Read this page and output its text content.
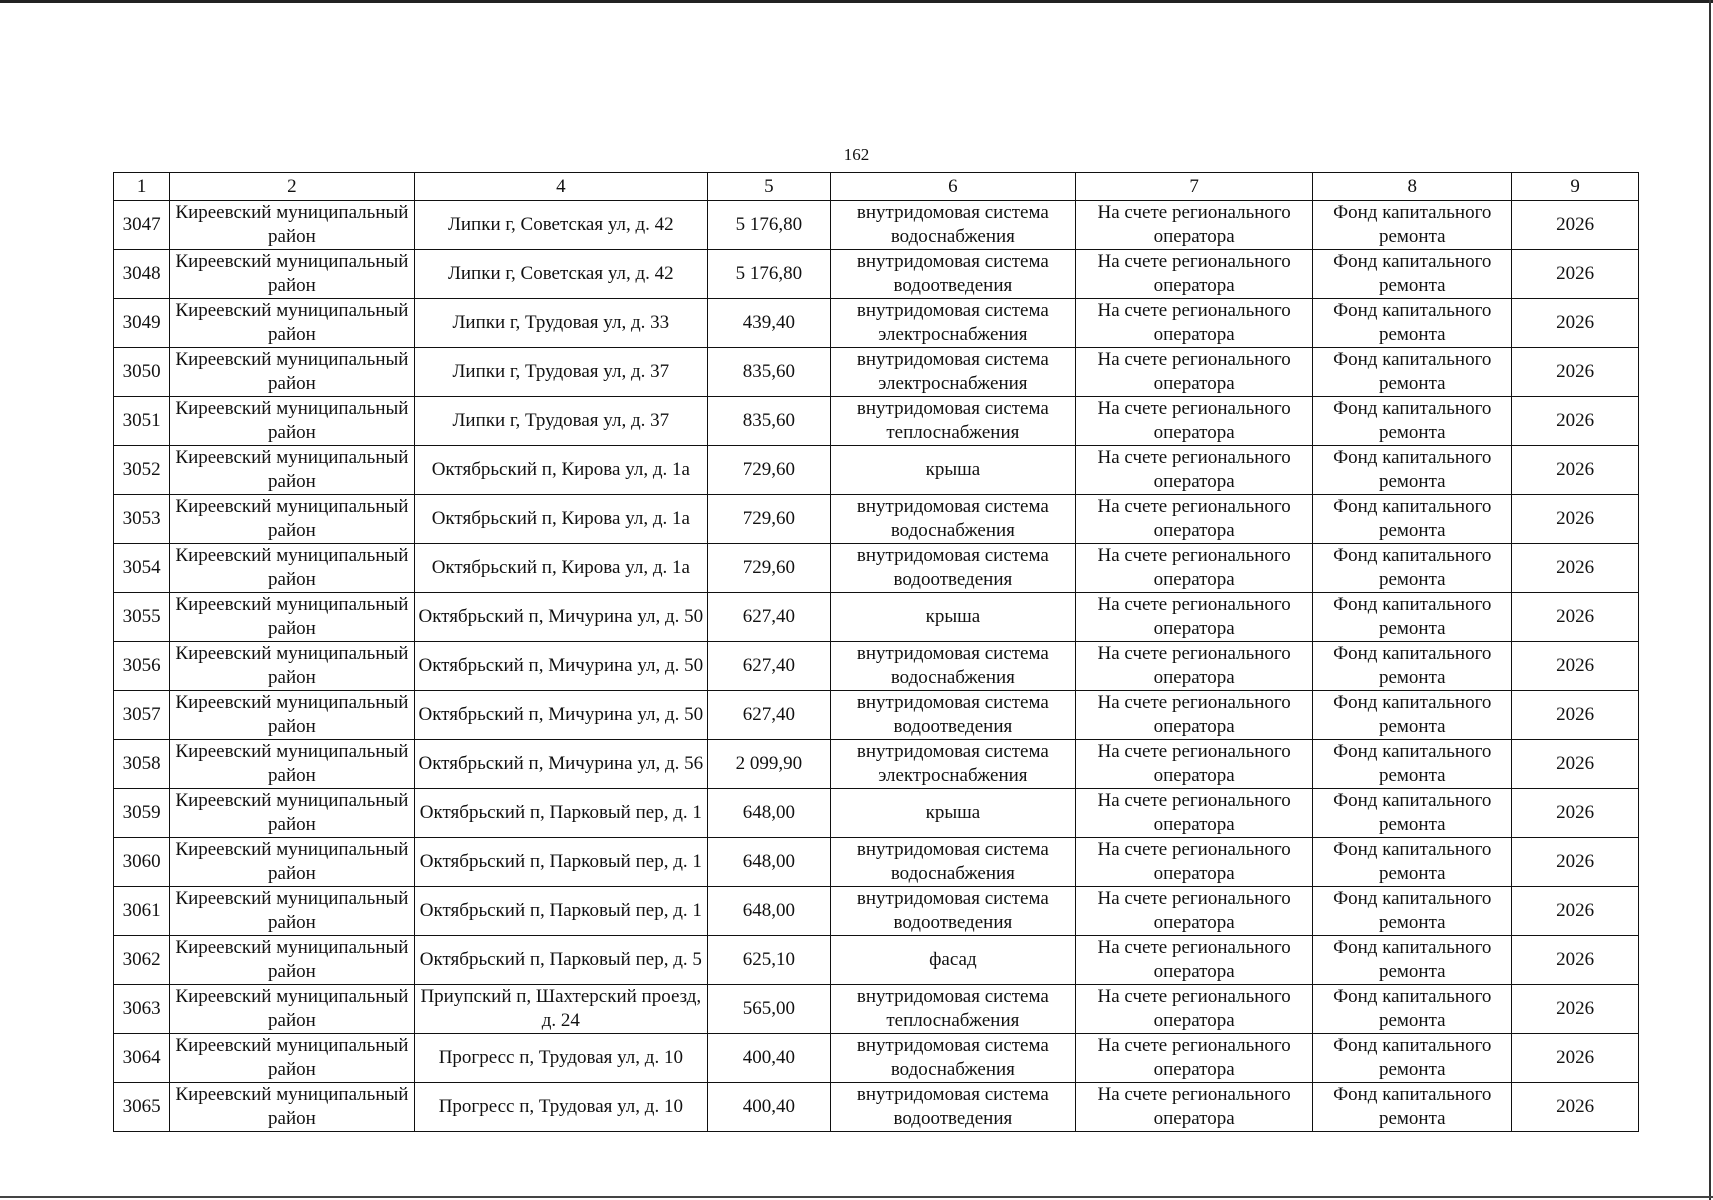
162
1	2	4	5	6	7	8	9
3047	Киреевский муниципальный район	Липки г, Советская ул, д. 42	5 176,80	внутридомовая система водоснабжения	На счете регионального оператора	Фонд капитального ремонта	2026
3048	Киреевский муниципальный район	Липки г, Советская ул, д. 42	5 176,80	внутридомовая система водоотведения	На счете регионального оператора	Фонд капитального ремонта	2026
3049	Киреевский муниципальный район	Липки г, Трудовая ул, д. 33	439,40	внутридомовая система электроснабжения	На счете регионального оператора	Фонд капитального ремонта	2026
3050	Киреевский муниципальный район	Липки г, Трудовая ул, д. 37	835,60	внутридомовая система электроснабжения	На счете регионального оператора	Фонд капитального ремонта	2026
3051	Киреевский муниципальный район	Липки г, Трудовая ул, д. 37	835,60	внутридомовая система теплоснабжения	На счете регионального оператора	Фонд капитального ремонта	2026
3052	Киреевский муниципальный район	Октябрьский п, Кирова ул, д. 1а	729,60	крыша	На счете регионального оператора	Фонд капитального ремонта	2026
3053	Киреевский муниципальный район	Октябрьский п, Кирова ул, д. 1а	729,60	внутридомовая система водоснабжения	На счете регионального оператора	Фонд капитального ремонта	2026
3054	Киреевский муниципальный район	Октябрьский п, Кирова ул, д. 1а	729,60	внутридомовая система водоотведения	На счете регионального оператора	Фонд капитального ремонта	2026
3055	Киреевский муниципальный район	Октябрьский п, Мичурина ул, д. 50	627,40	крыша	На счете регионального оператора	Фонд капитального ремонта	2026
3056	Киреевский муниципальный район	Октябрьский п, Мичурина ул, д. 50	627,40	внутридомовая система водоснабжения	На счете регионального оператора	Фонд капитального ремонта	2026
3057	Киреевский муниципальный район	Октябрьский п, Мичурина ул, д. 50	627,40	внутридомовая система водоотведения	На счете регионального оператора	Фонд капитального ремонта	2026
3058	Киреевский муниципальный район	Октябрьский п, Мичурина ул, д. 56	2 099,90	внутридомовая система электроснабжения	На счете регионального оператора	Фонд капитального ремонта	2026
3059	Киреевский муниципальный район	Октябрьский п, Парковый пер, д. 1	648,00	крыша	На счете регионального оператора	Фонд капитального ремонта	2026
3060	Киреевский муниципальный район	Октябрьский п, Парковый пер, д. 1	648,00	внутридомовая система водоснабжения	На счете регионального оператора	Фонд капитального ремонта	2026
3061	Киреевский муниципальный район	Октябрьский п, Парковый пер, д. 1	648,00	внутридомовая система водоотведения	На счете регионального оператора	Фонд капитального ремонта	2026
3062	Киреевский муниципальный район	Октябрьский п, Парковый пер, д. 5	625,10	фасад	На счете регионального оператора	Фонд капитального ремонта	2026
3063	Киреевский муниципальный район	Приупский п, Шахтерский проезд, д. 24	565,00	внутридомовая система теплоснабжения	На счете регионального оператора	Фонд капитального ремонта	2026
3064	Киреевский муниципальный район	Прогресс п, Трудовая ул, д. 10	400,40	внутридомовая система водоснабжения	На счете регионального оператора	Фонд капитального ремонта	2026
3065	Киреевский муниципальный район	Прогресс п, Трудовая ул, д. 10	400,40	внутридомовая система водоотведения	На счете регионального оператора	Фонд капитального ремонта	2026
